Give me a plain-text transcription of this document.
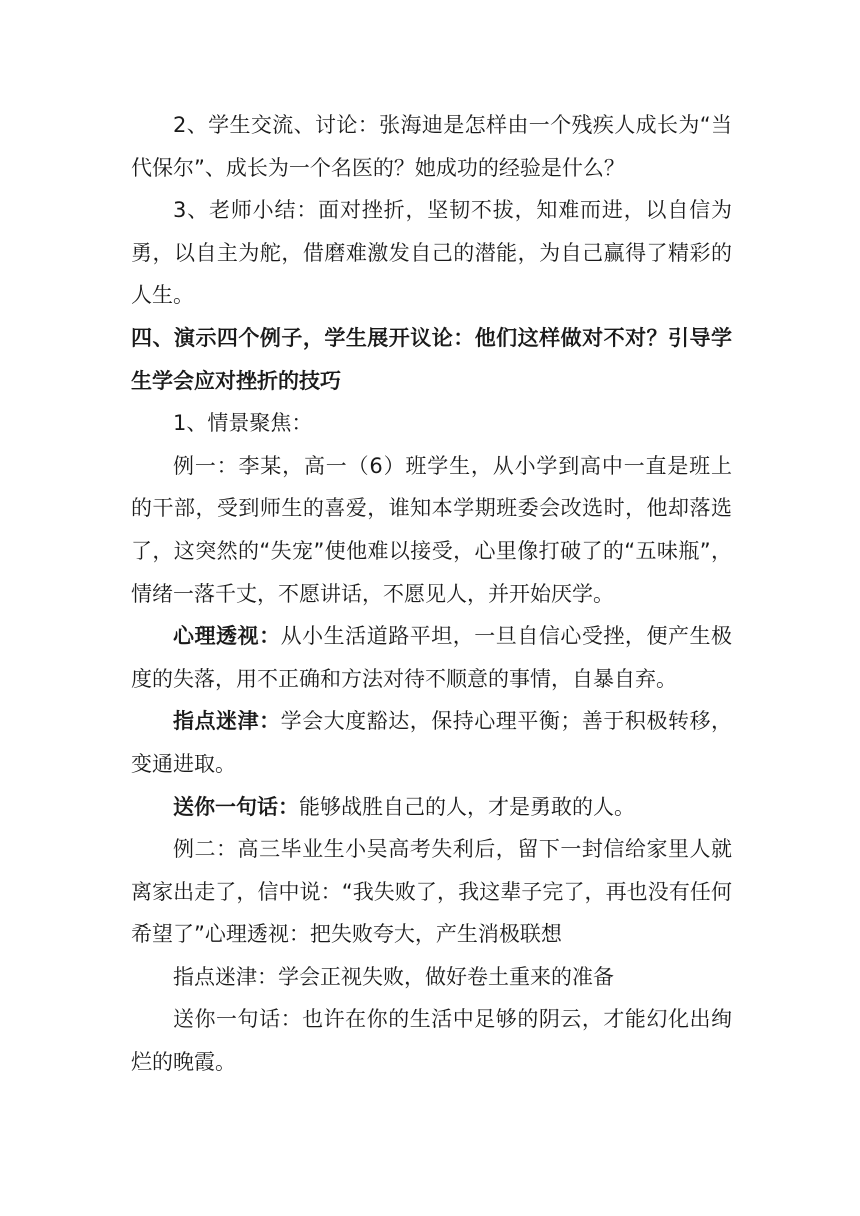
2、学生交流、讨论：张海迪是怎样由一个残疾人成长为“当代保尔”、成长为一个名医的？她成功的经验是什么？

3、老师小结：面对挫折，坚韧不拔，知难而进，以自信为勇，以自主为舵，借磨难激发自己的潜能，为自己赢得了精彩的人生。

四、演示四个例子，学生展开议论：他们这样做对不对？引导学生学会应对挫折的技巧

1、情景聚焦：

例一：李某，高一（6）班学生，从小学到高中一直是班上的干部，受到师生的喜爱，谁知本学期班委会改选时，他却落选了，这突然的“失宠”使他难以接受，心里像打破了的“五味瓶”，情绪一落千丈，不愿讲话，不愿见人，并开始厌学。

心理透视：从小生活道路平坦，一旦自信心受挫，便产生极度的失落，用不正确和方法对待不顺意的事情，自暴自弃。

指点迷津：学会大度豁达，保持心理平衡；善于积极转移，变通进取。

送你一句话：能够战胜自己的人，才是勇敢的人。

例二：高三毕业生小吴高考失利后，留下一封信给家里人就离家出走了，信中说：“我失败了，我这辈子完了，再也没有任何希望了”心理透视：把失败夸大，产生消极联想

指点迷津：学会正视失败，做好卷土重来的准备

送你一句话：也许在你的生活中足够的阴云，才能幻化出绚烂的晚霞。
